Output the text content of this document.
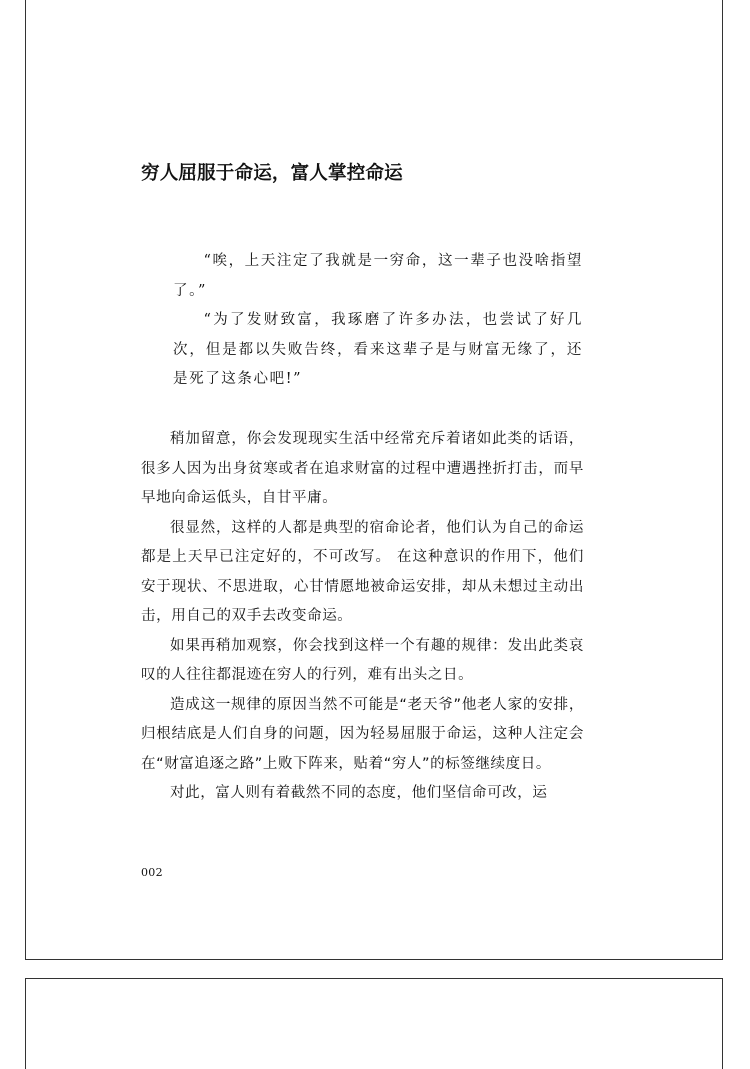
穷人屈服于命运，富人掌控命运

“唉，上天注定了我就是一穷命，这一辈子也没啥指望了。”

“为了发财致富，我琢磨了许多办法，也尝试了好几次，但是都以失败告终，看来这辈子是与财富无缘了，还是死了这条心吧!”

稍加留意，你会发现现实生活中经常充斥着诸如此类的话语，很多人因为出身贫寒或者在追求财富的过程中遭遇挫折打击，而早早地向命运低头，自甘平庸。

很显然，这样的人都是典型的宿命论者，他们认为自己的命运都是上天早已注定好的，不可改写。 在这种意识的作用下，他们安于现状、不思进取，心甘情愿地被命运安排，却从未想过主动出击，用自己的双手去改变命运。

如果再稍加观察，你会找到这样一个有趣的规律：发出此类哀叹的人往往都混迹在穷人的行列，难有出头之日。

造成这一规律的原因当然不可能是“老天爷”他老人家的安排，归根结底是人们自身的问题，因为轻易屈服于命运，这种人注定会在“财富追逐之路”上败下阵来，贴着“穷人”的标签继续度日。

对此，富人则有着截然不同的态度，他们坚信命可改，运

002
